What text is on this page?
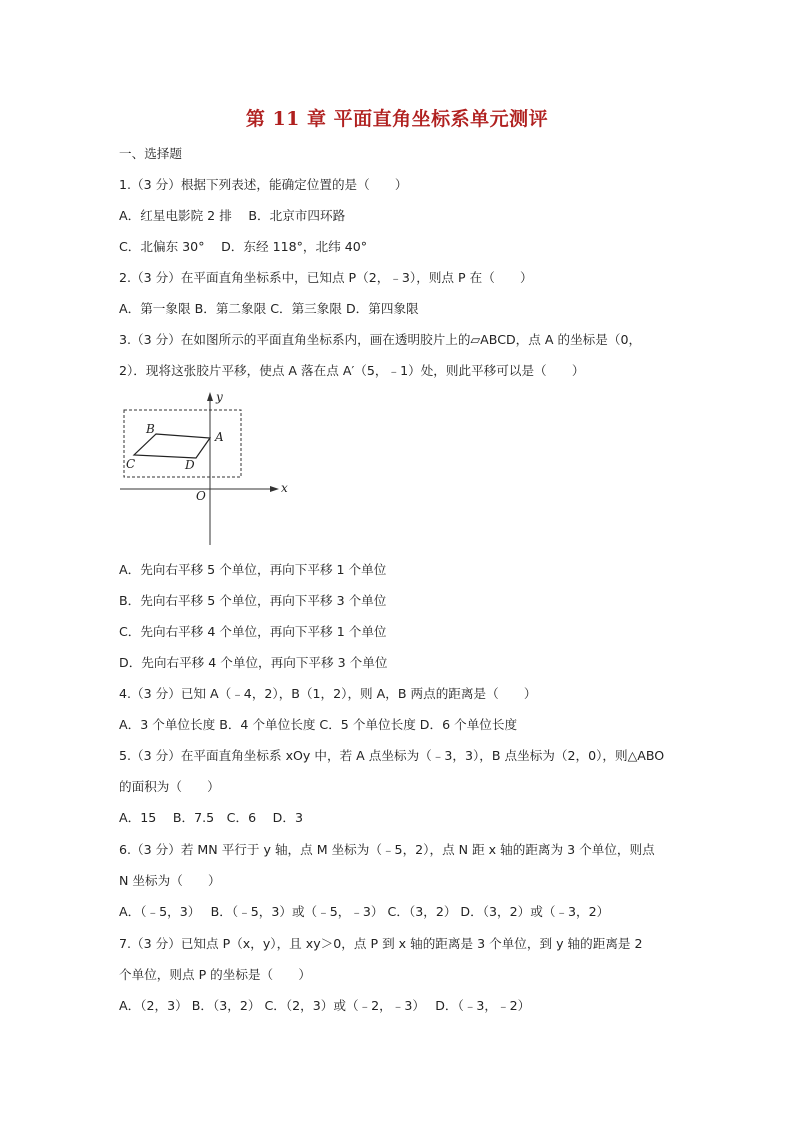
第 11 章 平面直角坐标系单元测评
一、选择题
1.（3 分）根据下列表述，能确定位置的是（　　）
A．红星电影院 2 排　 B．北京市四环路
C．北偏东 30°　 D．东经 118°，北纬 40°
2.（3 分）在平面直角坐标系中，已知点 P（2，﹣3），则点 P 在（　　）
A．第一象限 B．第二象限 C．第三象限 D．第四象限
3.（3 分）在如图所示的平面直角坐标系内，画在透明胶片上的▱ABCD，点 A 的坐标是（0，
2）．现将这张胶片平移，使点 A 落在点 A′（5，﹣1）处，则此平移可以是（　　）
B
A
C	D
O
x
y
A．先向右平移 5 个单位，再向下平移 1 个单位
B．先向右平移 5 个单位，再向下平移 3 个单位
C．先向右平移 4 个单位，再向下平移 1 个单位
D．先向右平移 4 个单位，再向下平移 3 个单位
4.（3 分）已知 A（﹣4，2），B（1，2），则 A，B 两点的距离是（　　）
A．3 个单位长度 B．4 个单位长度 C．5 个单位长度 D．6 个单位长度
5.（3 分）在平面直角坐标系 xOy 中，若 A 点坐标为（﹣3，3），B 点坐标为（2，0），则△ABO
的面积为（　　）
A．15　 B．7.5　C．6　 D．3
6.（3 分）若 MN 平行于 y 轴，点 M 坐标为（﹣5，2），点 N 距 x 轴的距离为 3 个单位，则点
N 坐标为（　　）
A．（﹣5，3）　 B．（﹣5，3）或（﹣5，﹣3） C．（3，2） D．（3，2）或（﹣3，2）
7.（3 分）已知点 P（x，y），且 xy＞0，点 P 到 x 轴的距离是 3 个单位，到 y 轴的距离是 2
个单位，则点 P 的坐标是（　　）
A．（2，3） B．（3，2） C．（2，3）或（﹣2，﹣3）　 D．（﹣3，﹣2）
